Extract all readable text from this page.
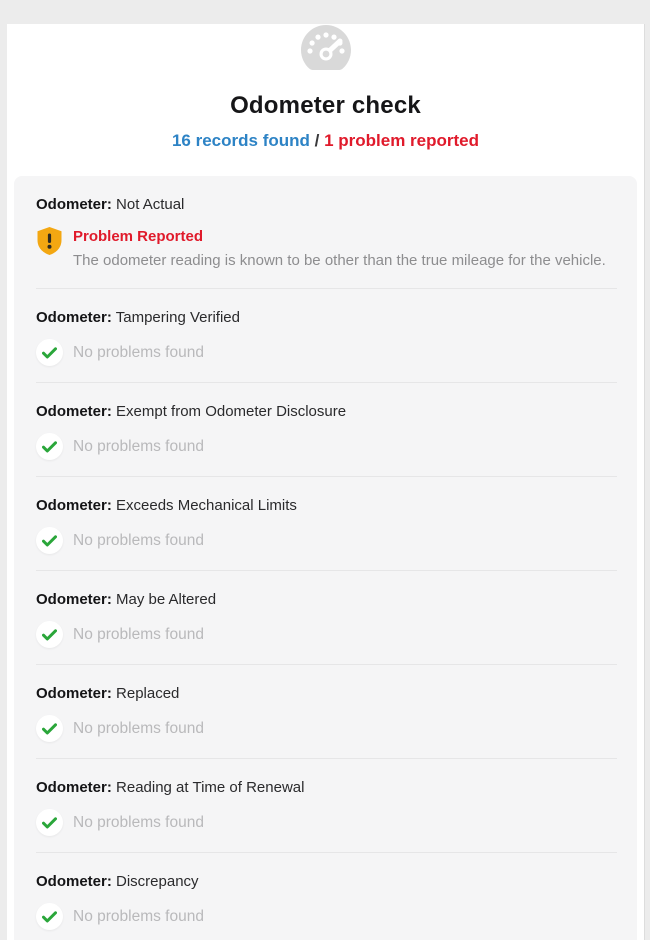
Odometer check
16 records found / 1 problem reported
Odometer: Not Actual
Problem Reported
The odometer reading is known to be other than the true mileage for the vehicle.
Odometer: Tampering Verified
No problems found
Odometer: Exempt from Odometer Disclosure
No problems found
Odometer: Exceeds Mechanical Limits
No problems found
Odometer: May be Altered
No problems found
Odometer: Replaced
No problems found
Odometer: Reading at Time of Renewal
No problems found
Odometer: Discrepancy
No problems found
